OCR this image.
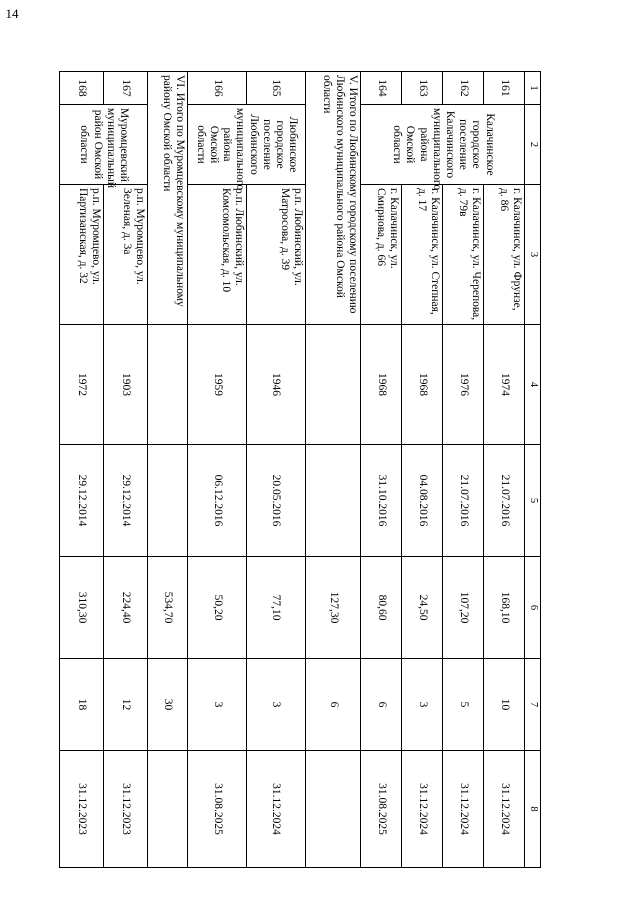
14
1	2	3	4	5	6	7	8
161	Калачинское городское поселение Калачинского муниципального района Омской области	г. Калачинск, ул. Фрунзе, д. 86	1974	21.07.2016	168,10	10	31.12.2024
162		г. Калачинск, ул. Черепова, д. 79в	1976	21.07.2016	107,20	5	31.12.2024
163		г. Калачинск, ул. Степная, д. 17	1968	04.08.2016	24,50	3	31.12.2024
164		г. Калачинск, ул. Смирнова, д. 66	1968	31.10.2016	80,60	6	31.08.2025
V. Итого по Любинскому городскому поселению Любинского муниципального района Омской области					127,30	6	
165	Любинское городское поселение Любинского муниципального района Омской области	р.п. Любинский, ул. Матросова, д. 39	1946	20.05.2016	77,10	3	31.12.2024
166		р.п. Любинский, ул. Комсомольская, д. 10	1959	06.12.2016	50,20	3	31.08.2025
VI. Итого по Муромцевскому муниципальному району Омской области					534,70	30	
167	Муромцевский муниципальный район Омской области	р.п. Муромцево, ул. Зеленая, д. 3а	1903	29.12.2014	224,40	12	31.12.2023
168		р.п. Муромцево, ул. Партизанская, д. 32	1972	29.12.2014	310,30	18	31.12.2023
